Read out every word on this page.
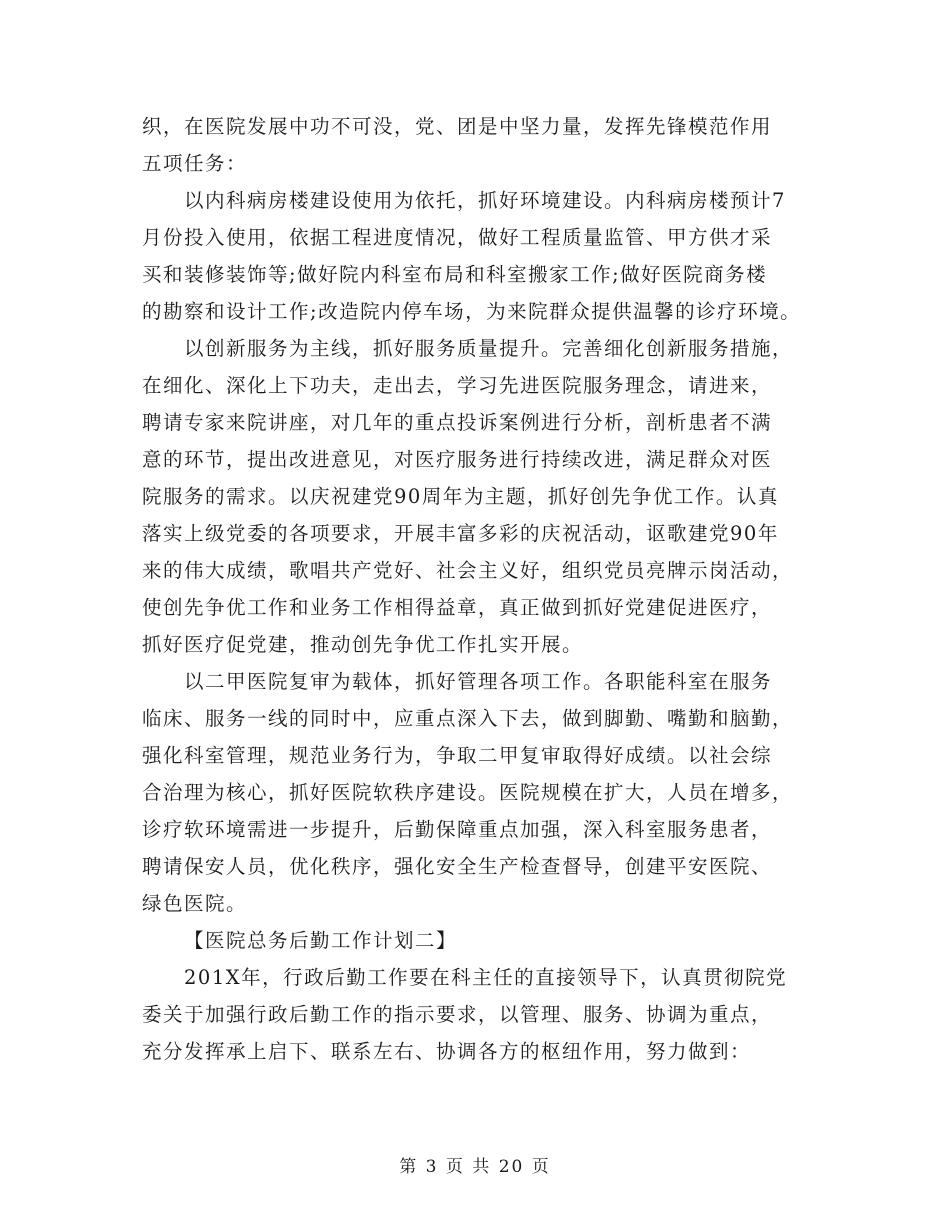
织，在医院发展中功不可没，党、团是中坚力量，发挥先锋模范作用
五项任务：
以内科病房楼建设使用为依托，抓好环境建设。内科病房楼预计7
月份投入使用，依据工程进度情况，做好工程质量监管、甲方供才采
买和装修装饰等;做好院内科室布局和科室搬家工作;做好医院商务楼
的勘察和设计工作;改造院内停车场，为来院群众提供温馨的诊疗环境。
以创新服务为主线，抓好服务质量提升。完善细化创新服务措施，
在细化、深化上下功夫，走出去，学习先进医院服务理念，请进来，
聘请专家来院讲座，对几年的重点投诉案例进行分析，剖析患者不满
意的环节，提出改进意见，对医疗服务进行持续改进，满足群众对医
院服务的需求。以庆祝建党90周年为主题，抓好创先争优工作。认真
落实上级党委的各项要求，开展丰富多彩的庆祝活动，讴歌建党90年
来的伟大成绩，歌唱共产党好、社会主义好，组织党员亮牌示岗活动，
使创先争优工作和业务工作相得益章，真正做到抓好党建促进医疗，
抓好医疗促党建，推动创先争优工作扎实开展。
以二甲医院复审为载体，抓好管理各项工作。各职能科室在服务
临床、服务一线的同时中，应重点深入下去，做到脚勤、嘴勤和脑勤，
强化科室管理，规范业务行为，争取二甲复审取得好成绩。以社会综
合治理为核心，抓好医院软秩序建设。医院规模在扩大，人员在增多，
诊疗软环境需进一步提升，后勤保障重点加强，深入科室服务患者，
聘请保安人员，优化秩序，强化安全生产检查督导，创建平安医院、
绿色医院。
【医院总务后勤工作计划二】
201X年，行政后勤工作要在科主任的直接领导下，认真贯彻院党
委关于加强行政后勤工作的指示要求，以管理、服务、协调为重点，
充分发挥承上启下、联系左右、协调各方的枢纽作用，努力做到：
第 3 页 共 20 页
